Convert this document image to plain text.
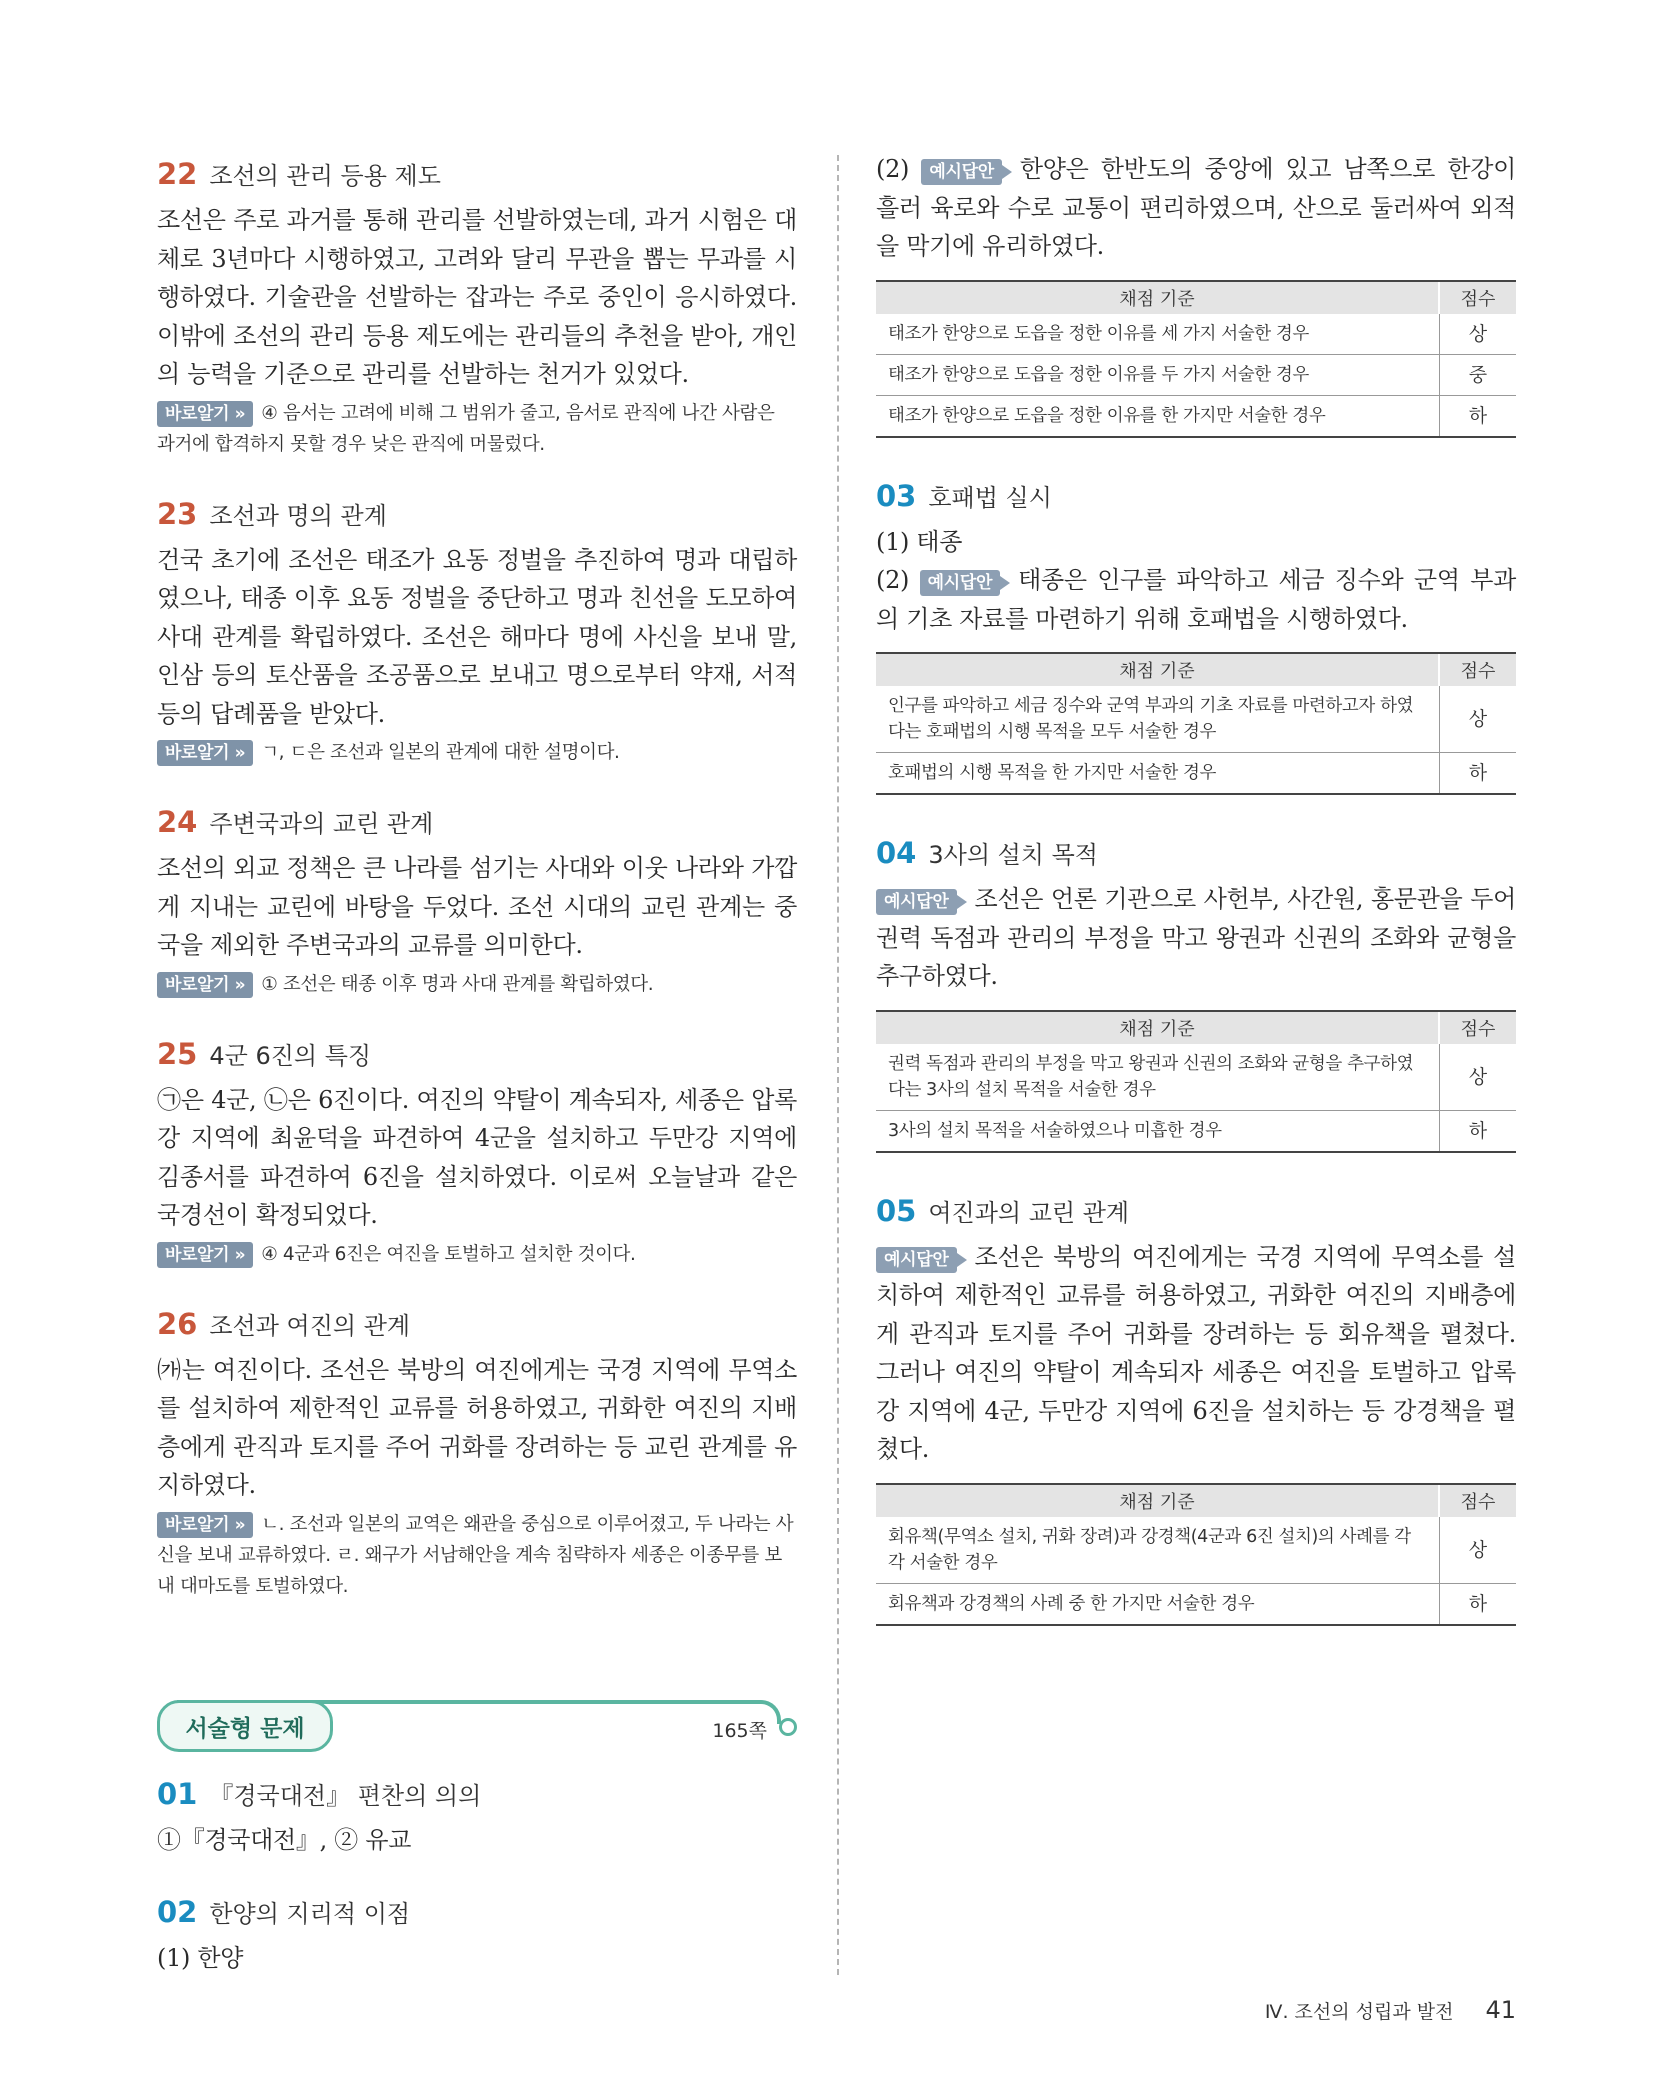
22 조선의 관리 등용 제도
조선은 주로 과거를 통해 관리를 선발하였는데, 과거 시험은 대체로 3년마다 시행하였고, 고려와 달리 무관을 뽑는 무과를 시행하였다. 기술관을 선발하는 잡과는 주로 중인이 응시하였다. 이밖에 조선의 관리 등용 제도에는 관리들의 추천을 받아, 개인의 능력을 기준으로 관리를 선발하는 천거가 있었다.
바로알기 » ④ 음서는 고려에 비해 그 범위가 줄고, 음서로 관직에 나간 사람은 과거에 합격하지 못할 경우 낮은 관직에 머물렀다.
23 조선과 명의 관계
건국 초기에 조선은 태조가 요동 정벌을 추진하여 명과 대립하였으나, 태종 이후 요동 정벌을 중단하고 명과 친선을 도모하여 사대 관계를 확립하였다. 조선은 해마다 명에 사신을 보내 말, 인삼 등의 토산품을 조공품으로 보내고 명으로부터 약재, 서적 등의 답례품을 받았다.
바로알기 » ㄱ, ㄷ은 조선과 일본의 관계에 대한 설명이다.
24 주변국과의 교린 관계
조선의 외교 정책은 큰 나라를 섬기는 사대와 이웃 나라와 가깝게 지내는 교린에 바탕을 두었다. 조선 시대의 교린 관계는 중국을 제외한 주변국과의 교류를 의미한다.
바로알기 » ① 조선은 태종 이후 명과 사대 관계를 확립하였다.
25 4군 6진의 특징
㉠은 4군, ㉡은 6진이다. 여진의 약탈이 계속되자, 세종은 압록강 지역에 최윤덕을 파견하여 4군을 설치하고 두만강 지역에 김종서를 파견하여 6진을 설치하였다. 이로써 오늘날과 같은 국경선이 확정되었다.
바로알기 » ④ 4군과 6진은 여진을 토벌하고 설치한 것이다.
26 조선과 여진의 관계
㈎는 여진이다. 조선은 북방의 여진에게는 국경 지역에 무역소를 설치하여 제한적인 교류를 허용하였고, 귀화한 여진의 지배층에게 관직과 토지를 주어 귀화를 장려하는 등 교린 관계를 유지하였다.
바로알기 » ㄴ. 조선과 일본의 교역은 왜관을 중심으로 이루어졌고, 두 나라는 사신을 보내 교류하였다. ㄹ. 왜구가 서남해안을 계속 침략하자 세종은 이종무를 보내 대마도를 토벌하였다.
서술형 문제	165쪽
01 『경국대전』 편찬의 의의
①『경국대전』, ② 유교
02 한양의 지리적 이점
(1) 한양
(2) 예시답안 한양은 한반도의 중앙에 있고 남쪽으로 한강이 흘러 육로와 수로 교통이 편리하였으며, 산으로 둘러싸여 외적을 막기에 유리하였다.
채점 기준	점수
태조가 한양으로 도읍을 정한 이유를 세 가지 서술한 경우	상
태조가 한양으로 도읍을 정한 이유를 두 가지 서술한 경우	중
태조가 한양으로 도읍을 정한 이유를 한 가지만 서술한 경우	하
03 호패법 실시
(1) 태종
(2) 예시답안 태종은 인구를 파악하고 세금 징수와 군역 부과의 기초 자료를 마련하기 위해 호패법을 시행하였다.
채점 기준	점수
인구를 파악하고 세금 징수와 군역 부과의 기초 자료를 마련하고자 하였다는 호패법의 시행 목적을 모두 서술한 경우	상
호패법의 시행 목적을 한 가지만 서술한 경우	하
04 3사의 설치 목적
예시답안 조선은 언론 기관으로 사헌부, 사간원, 홍문관을 두어 권력 독점과 관리의 부정을 막고 왕권과 신권의 조화와 균형을 추구하였다.
채점 기준	점수
권력 독점과 관리의 부정을 막고 왕권과 신권의 조화와 균형을 추구하였다는 3사의 설치 목적을 서술한 경우	상
3사의 설치 목적을 서술하였으나 미흡한 경우	하
05 여진과의 교린 관계
예시답안 조선은 북방의 여진에게는 국경 지역에 무역소를 설치하여 제한적인 교류를 허용하였고, 귀화한 여진의 지배층에게 관직과 토지를 주어 귀화를 장려하는 등 회유책을 펼쳤다. 그러나 여진의 약탈이 계속되자 세종은 여진을 토벌하고 압록강 지역에 4군, 두만강 지역에 6진을 설치하는 등 강경책을 펼쳤다.
채점 기준	점수
회유책(무역소 설치, 귀화 장려)과 강경책(4군과 6진 설치)의 사례를 각각 서술한 경우	상
회유책과 강경책의 사례 중 한 가지만 서술한 경우	하
Ⅳ. 조선의 성립과 발전 41
